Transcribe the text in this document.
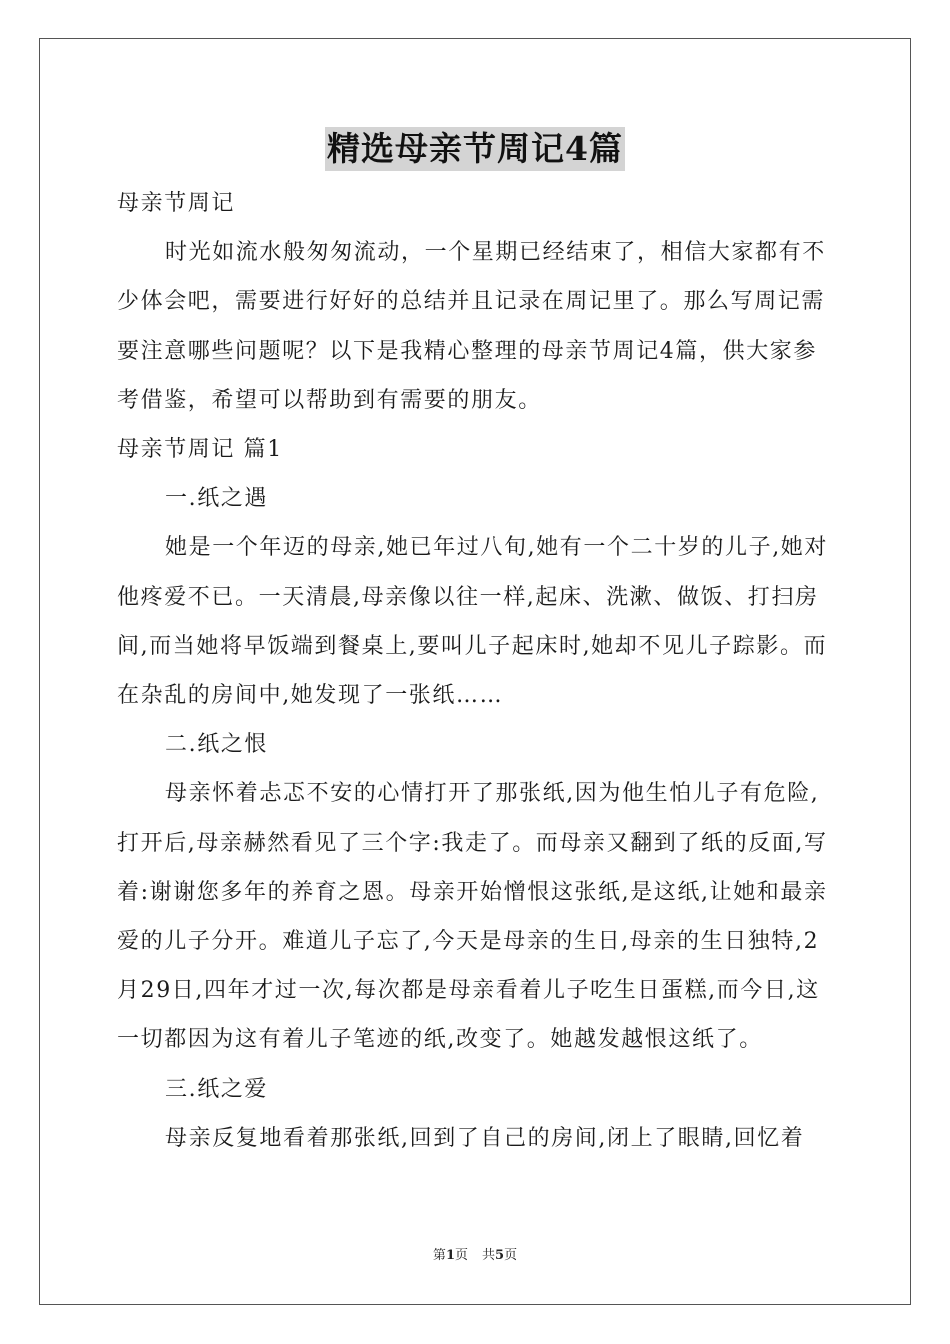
精选母亲节周记4篇

母亲节周记

时光如流水般匆匆流动，一个星期已经结束了，相信大家都有不少体会吧，需要进行好好的总结并且记录在周记里了。那么写周记需要注意哪些问题呢？以下是我精心整理的母亲节周记4篇，供大家参考借鉴，希望可以帮助到有需要的朋友。

母亲节周记 篇1

一.纸之遇

她是一个年迈的母亲,她已年过八旬,她有一个二十岁的儿子,她对他疼爱不已。一天清晨,母亲像以往一样,起床、洗漱、做饭、打扫房间,而当她将早饭端到餐桌上,要叫儿子起床时,她却不见儿子踪影。而在杂乱的房间中,她发现了一张纸……

二.纸之恨

母亲怀着忐忑不安的心情打开了那张纸,因为他生怕儿子有危险,打开后,母亲赫然看见了三个字:我走了。而母亲又翻到了纸的反面,写着:谢谢您多年的养育之恩。母亲开始憎恨这张纸,是这纸,让她和最亲爱的儿子分开。难道儿子忘了,今天是母亲的生日,母亲的生日独特,2月29日,四年才过一次,每次都是母亲看着儿子吃生日蛋糕,而今日,这一切都因为这有着儿子笔迹的纸,改变了。她越发越恨这纸了。

三.纸之爱

母亲反复地看着那张纸,回到了自己的房间,闭上了眼睛,回忆着

第1页 共5页
